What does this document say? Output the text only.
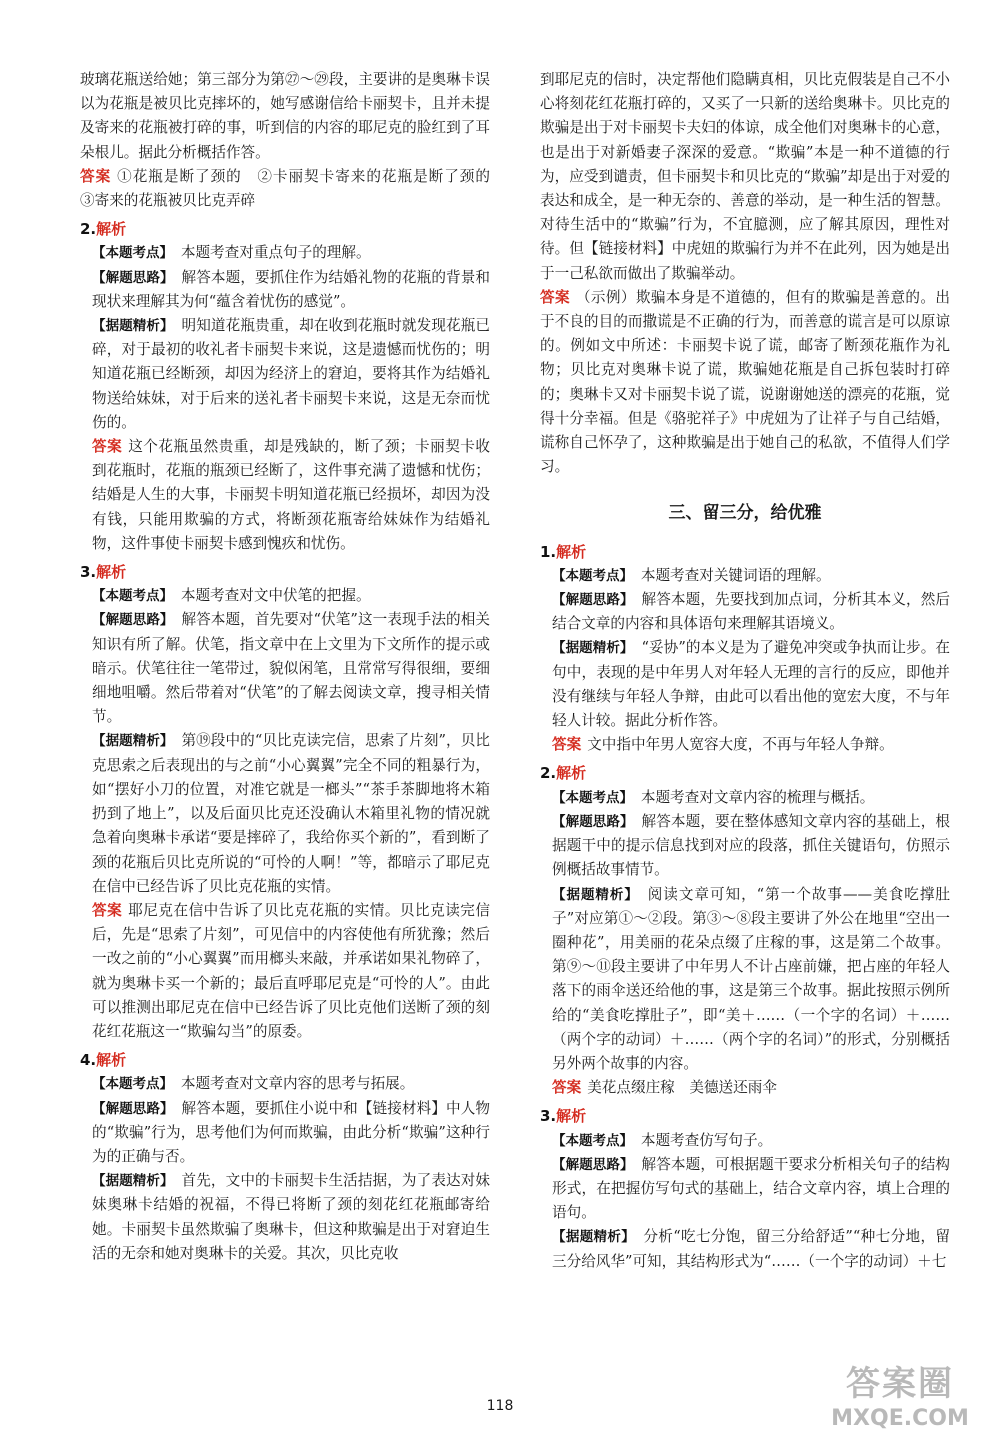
玻璃花瓶送给她；第三部分为第㉗～㉙段，主要讲的是奥琳卡误以为花瓶是被贝比克摔坏的，她写感谢信给卡丽契卡，且并未提及寄来的花瓶被打碎的事，听到信的内容的耶尼克的脸红到了耳朵根儿。据此分析概括作答。

答案 ①花瓶是断了颈的　②卡丽契卡寄来的花瓶是断了颈的　③寄来的花瓶被贝比克弄碎

2.解析

【本题考点】　 本题考查对重点句子的理解。

【解题思路】　 解答本题，要抓住作为结婚礼物的花瓶的背景和现状来理解其为何“蕴含着忧伤的感觉”。

【据题精析】　 明知道花瓶贵重，却在收到花瓶时就发现花瓶已碎，对于最初的收礼者卡丽契卡来说，这是遗憾而忧伤的；明知道花瓶已经断颈，却因为经济上的窘迫，要将其作为结婚礼物送给妹妹，对于后来的送礼者卡丽契卡来说，这是无奈而忧伤的。

答案 这个花瓶虽然贵重，却是残缺的，断了颈；卡丽契卡收到花瓶时，花瓶的瓶颈已经断了，这件事充满了遗憾和忧伤；结婚是人生的大事，卡丽契卡明知道花瓶已经损坏，却因为没有钱，只能用欺骗的方式，将断颈花瓶寄给妹妹作为结婚礼物，这件事使卡丽契卡感到愧疚和忧伤。

3.解析

【本题考点】　 本题考查对文中伏笔的把握。

【解题思路】　 解答本题，首先要对“伏笔”这一表现手法的相关知识有所了解。伏笔，指文章中在上文里为下文所作的提示或暗示。伏笔往往一笔带过，貌似闲笔，且常常写得很细，要细细地咀嚼。然后带着对“伏笔”的了解去阅读文章，搜寻相关情节。

【据题精析】　 第⑲段中的“贝比克读完信，思索了片刻”，贝比克思索之后表现出的与之前“小心翼翼”完全不同的粗暴行为，如“摆好小刀的位置，对准它就是一榔头”“茶手茶脚地将木箱扔到了地上”，以及后面贝比克还没确认木箱里礼物的情况就急着向奥琳卡承诺“要是摔碎了，我给你买个新的”，看到断了颈的花瓶后贝比克所说的“可怜的人啊！”等，都暗示了耶尼克在信中已经告诉了贝比克花瓶的实情。

答案 耶尼克在信中告诉了贝比克花瓶的实情。贝比克读完信后，先是“思索了片刻”，可见信中的内容使他有所犹豫；然后一改之前的“小心翼翼”而用榔头来敲，并承诺如果礼物碎了，就为奥琳卡买一个新的；最后直呼耶尼克是“可怜的人”。由此可以推测出耶尼克在信中已经告诉了贝比克他们送断了颈的刻花红花瓶这一“欺骗勾当”的原委。

4.解析

【本题考点】　 本题考查对文章内容的思考与拓展。

【解题思路】　 解答本题，要抓住小说中和【链接材料】中人物的“欺骗”行为，思考他们为何而欺骗，由此分析“欺骗”这种行为的正确与否。

【据题精析】　 首先，文中的卡丽契卡生活拮据，为了表达对妹妹奥琳卡结婚的祝福，不得已将断了颈的刻花红花瓶邮寄给她。卡丽契卡虽然欺骗了奥琳卡，但这种欺骗是出于对窘迫生活的无奈和她对奥琳卡的关爱。其次，贝比克收

到耶尼克的信时，决定帮他们隐瞒真相，贝比克假装是自己不小心将刻花红花瓶打碎的，又买了一只新的送给奥琳卡。贝比克的欺骗是出于对卡丽契卡夫妇的体谅，成全他们对奥琳卡的心意，也是出于对新婚妻子深深的爱意。“欺骗”本是一种不道德的行为，应受到谴责，但卡丽契卡和贝比克的“欺骗”却是出于对爱的表达和成全，是一种无奈的、善意的举动，是一种生活的智慧。对待生活中的“欺骗”行为，不宜臆测，应了解其原因，理性对待。但【链接材料】中虎妞的欺骗行为并不在此列，因为她是出于一己私欲而做出了欺骗举动。

答案 （示例）欺骗本身是不道德的，但有的欺骗是善意的。出于不良的目的而撒谎是不正确的行为，而善意的谎言是可以原谅的。例如文中所述：卡丽契卡说了谎，邮寄了断颈花瓶作为礼物；贝比克对奥琳卡说了谎，欺骗她花瓶是自己拆包装时打碎的；奥琳卡又对卡丽契卡说了谎，说谢谢她送的漂亮的花瓶，觉得十分幸福。但是《骆驼祥子》中虎妞为了让祥子与自己结婚，谎称自己怀孕了，这种欺骗是出于她自己的私欲，不值得人们学习。

三、留三分，给优雅

1.解析

【本题考点】　 本题考查对关键词语的理解。

【解题思路】　 解答本题，先要找到加点词，分析其本义，然后结合文章的内容和具体语句来理解其语境义。

【据题精析】　 “妥协”的本义是为了避免冲突或争执而让步。在句中，表现的是中年男人对年轻人无理的言行的反应，即他并没有继续与年轻人争辩，由此可以看出他的宽宏大度，不与年轻人计较。据此分析作答。

答案 文中指中年男人宽容大度，不再与年轻人争辩。

2.解析

【本题考点】　 本题考查对文章内容的梳理与概括。

【解题思路】　 解答本题，要在整体感知文章内容的基础上，根据题干中的提示信息找到对应的段落，抓住关键语句，仿照示例概括故事情节。

【据题精析】　 阅读文章可知，“第一个故事——美食吃撑肚子”对应第①～②段。第③～⑧段主要讲了外公在地里“空出一圈种花”，用美丽的花朵点缀了庄稼的事，这是第二个故事。第⑨～⑪段主要讲了中年男人不计占座前嫌，把占座的年轻人落下的雨伞送还给他的事，这是第三个故事。据此按照示例所给的“美食吃撑肚子”，即“美＋……（一个字的名词）＋……（两个字的动词）＋……（两个字的名词）”的形式，分别概括另外两个故事的内容。

答案 美花点缀庄稼　美德送还雨伞

3.解析

【本题考点】　 本题考查仿写句子。

【解题思路】　 解答本题，可根据题干要求分析相关句子的结构形式，在把握仿写句式的基础上，结合文章内容，填上合理的语句。

【据题精析】　 分析“吃七分饱，留三分给舒适”“种七分地，留三分给风华”可知，其结构形式为“……（一个字的动词）＋七

118
答案圈
MXQE.COM
